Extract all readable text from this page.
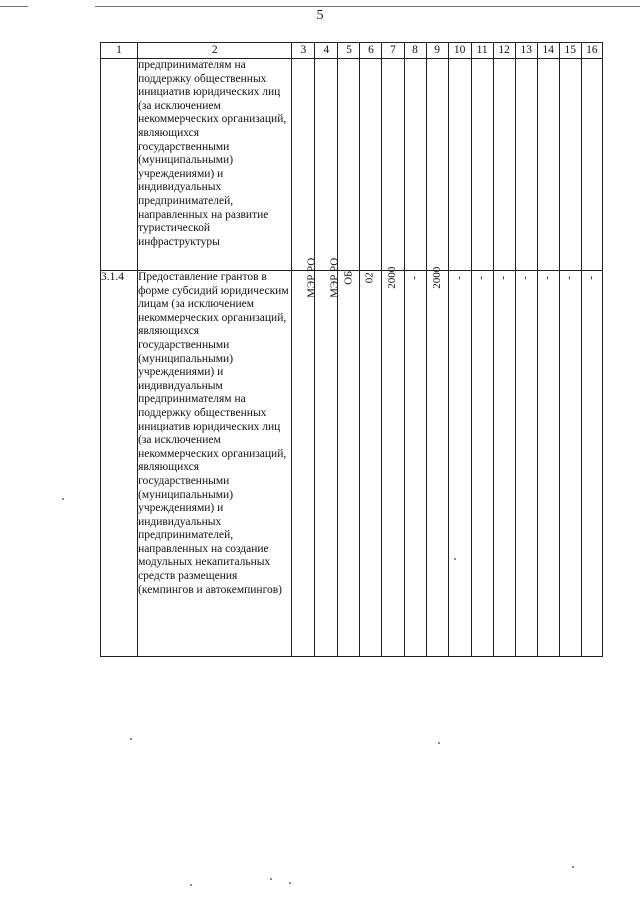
5
1	2	3	4	5	6	7	8	9	10	11	12	13	14	15	16
	предпринимателям на поддержку общественных инициатив юридических лиц (за исключением некоммерческих организаций, являющихся государственными (муниципальными) учреждениями) и индивидуальных предпринимателей, направленных на развитие туристической инфраструктуры														
3.1.4	Предоставление грантов в форме субсидий юридическим лицам (за исключением некоммерческих организаций, являющихся государственными (муниципальными) учреждениями) и индивидуальным предпринимателям на поддержку общественных инициатив юридических лиц (за исключением некоммерческих организаций, являющихся государственными (муниципальными) учреждениями) и индивидуальных предпринимателей, направленных на создание модульных некапитальных средств размещения (кемпингов и автокемпингов)	МЭР РО	МЭР РО	ОБ	02	2000	-	2000	-	-	-	-	-	-	-
